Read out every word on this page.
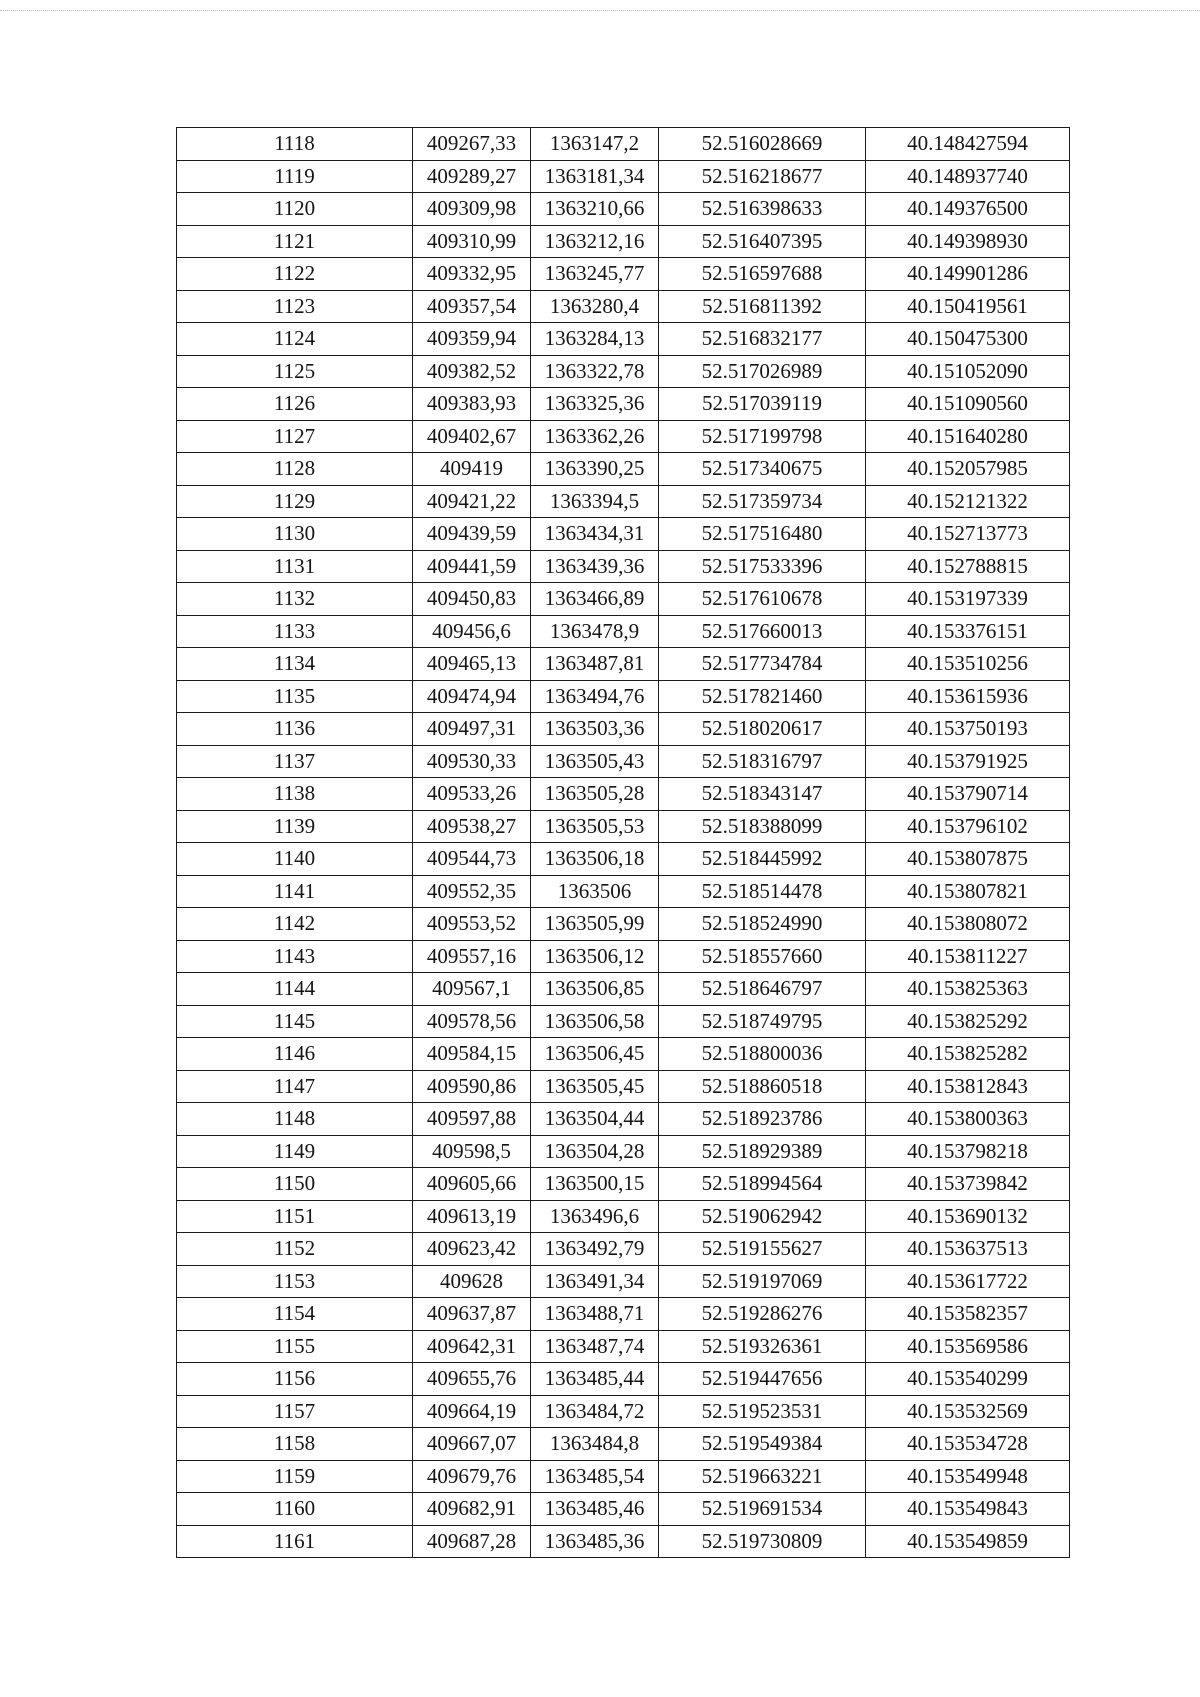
1118	409267,33	1363147,2	52.516028669	40.148427594
1119	409289,27	1363181,34	52.516218677	40.148937740
1120	409309,98	1363210,66	52.516398633	40.149376500
1121	409310,99	1363212,16	52.516407395	40.149398930
1122	409332,95	1363245,77	52.516597688	40.149901286
1123	409357,54	1363280,4	52.516811392	40.150419561
1124	409359,94	1363284,13	52.516832177	40.150475300
1125	409382,52	1363322,78	52.517026989	40.151052090
1126	409383,93	1363325,36	52.517039119	40.151090560
1127	409402,67	1363362,26	52.517199798	40.151640280
1128	409419	1363390,25	52.517340675	40.152057985
1129	409421,22	1363394,5	52.517359734	40.152121322
1130	409439,59	1363434,31	52.517516480	40.152713773
1131	409441,59	1363439,36	52.517533396	40.152788815
1132	409450,83	1363466,89	52.517610678	40.153197339
1133	409456,6	1363478,9	52.517660013	40.153376151
1134	409465,13	1363487,81	52.517734784	40.153510256
1135	409474,94	1363494,76	52.517821460	40.153615936
1136	409497,31	1363503,36	52.518020617	40.153750193
1137	409530,33	1363505,43	52.518316797	40.153791925
1138	409533,26	1363505,28	52.518343147	40.153790714
1139	409538,27	1363505,53	52.518388099	40.153796102
1140	409544,73	1363506,18	52.518445992	40.153807875
1141	409552,35	1363506	52.518514478	40.153807821
1142	409553,52	1363505,99	52.518524990	40.153808072
1143	409557,16	1363506,12	52.518557660	40.153811227
1144	409567,1	1363506,85	52.518646797	40.153825363
1145	409578,56	1363506,58	52.518749795	40.153825292
1146	409584,15	1363506,45	52.518800036	40.153825282
1147	409590,86	1363505,45	52.518860518	40.153812843
1148	409597,88	1363504,44	52.518923786	40.153800363
1149	409598,5	1363504,28	52.518929389	40.153798218
1150	409605,66	1363500,15	52.518994564	40.153739842
1151	409613,19	1363496,6	52.519062942	40.153690132
1152	409623,42	1363492,79	52.519155627	40.153637513
1153	409628	1363491,34	52.519197069	40.153617722
1154	409637,87	1363488,71	52.519286276	40.153582357
1155	409642,31	1363487,74	52.519326361	40.153569586
1156	409655,76	1363485,44	52.519447656	40.153540299
1157	409664,19	1363484,72	52.519523531	40.153532569
1158	409667,07	1363484,8	52.519549384	40.153534728
1159	409679,76	1363485,54	52.519663221	40.153549948
1160	409682,91	1363485,46	52.519691534	40.153549843
1161	409687,28	1363485,36	52.519730809	40.153549859
